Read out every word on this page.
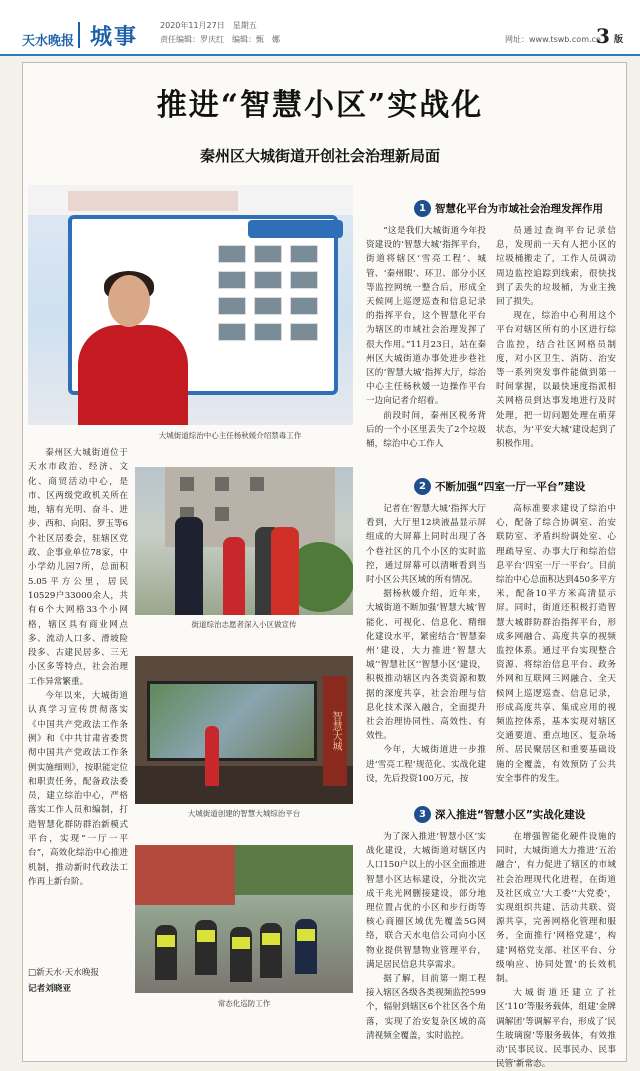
天水晚报 城事	2020年11月27日　星期五
责任编辑：罗庆红　编辑：甄　娜	网址：www.tswb.com.cn
3 版
推进“智慧小区”实战化
秦州区大城街道开创社会治理新局面
大城街道综治中心主任杨秋媛介绍禁毒工作
街道综治志愿者深入小区做宣传
智慧大城
大城街道创建的智慧大城综治平台
常态化巡防工作

秦州区大城街道位于天水市政治、经济、文化、商贸活动中心，是市、区两级党政机关所在地，辖有光明、奋斗、进步、西和、向阳、罗玉等6个社区居委会，驻辖区党政、企事业单位78家，中小学幼儿园7所，总面积5.05平方公里，居民10529户33000余人，共有6个大网格33个小网格，辖区具有商业网点多、流动人口多、滑坡险段多、古建民居多、三无小区多等特点，社会治理工作异常繁重。

今年以来，大城街道认真学习宣传贯彻落实《中国共产党政法工作条例》和《中共甘肃省委贯彻中国共产党政法工作条例实施细则》，按职能定位和职责任务，配备政法委员，建立综治中心，严格落实工作人员和编制，打造智慧化群防群治新模式平台，实现“一厅一平台”，高效化综治中心推进机制，推动新时代政法工作再上新台阶。

□新天水·天水晚报
记者刘晓亚
1 智慧化平台为市域社会治理发挥作用

“这是我们大城街道今年投资建设的‘智慧大城’指挥平台，街道将辖区‘雪亮工程’、城管、‘秦州眼’、环卫、部分小区等监控网统一整合后，形成全天候网上巡逻巡查和信息记录的指挥平台，这个智慧化平台为辖区的市域社会治理发挥了很大作用。”11月23日，站在秦州区大城街道办事处进步巷社区的‘智慧大城’指挥大厅，综治中心主任杨秋媛一边操作平台一边向记者介绍着。

前段时间，秦州区税务背后的一个小区里丢失了2个垃圾桶，综治中心工作人

员通过查询平台记录信息，发现前一天有人把小区的垃圾桶搬走了，工作人员调动周边监控追踪到线索，很快找到了丢失的垃圾桶，为业主挽回了损失。

现在，综治中心利用这个平台对辖区所有的小区进行综合监控，结合社区网格员制度，对小区卫生、消防、治安等一系列突发事件能做到第一时间掌握，以最快速度指派相关网格员到达事发地进行及时处理，把一切问题处理在萌芽状态，为‘平安大城’建设起到了积极作用。

2 不断加强“四室一厅一平台”建设

记者在‘智慧大城’指挥大厅看到，大厅里12块液晶显示屏组成的大屏幕上同时出现了各个巷社区的几个小区的实时监控，通过屏幕可以清晰看到当时小区公共区域的所有情况。

据杨秋媛介绍，近年来，大城街道不断加强‘智慧大城’智能化、可视化、信息化、精细化建设水平，紧密结合‘智慧秦州’建设，大力推进‘智慧大城’‘智慧社区’‘智慧小区’建设，积极推动辖区内各类资源和数据的深度共享，社会治理与信息化技术深入融合，全面提升社会治理协同性、高效性、有效性。

今年，大城街道进一步推进‘雪亮工程’规范化、实战化建设，先后投资100万元，按

高标准要求建设了综治中心，配备了综合协调室、治安联防室、矛盾纠纷调处室、心理疏导室、办事大厅和综治信息平台‘四室一厅一平台’。目前综治中心总面积达到450多平方米，配备10平方米高清显示屏。同时，街道还积极打造智慧大城群防群治指挥平台，形成多网融合、高度共享的视频监控体系。通过平台实现整合资源、将综治信息平台、政务外网和互联网三网融合、全天候网上巡逻巡查、信息记录，形成高度共享、集成应用的视频监控体系，基本实现对辖区交通要道、重点地区、复杂场所、居民聚居区和重要基础设施的全覆盖，有效预防了公共安全事件的发生。

3 深入推进“智慧小区”实战化建设

为了深入推进‘智慧小区’实战化建设，大城街道对辖区内人口150户以上的小区全面推进智慧小区达标建设，分批次完成干兆光网删接建设，部分地理位置占优的小区和步行街等核心商圈区域优先覆盖5G网络，联合天水电信公司向小区物业提供智慧物业管理平台，满足居民信息共享需求。

据了解，目前第一期工程接入辖区各级各类视频监控599个，辐射到辖区6个社区各个角落，实现了治安复杂区域的高清视频全覆盖，实时监控。

在增强智能化硬件设施的同时，大城街道大力推进‘五治融合’，有力促进了辖区的市域社会治理现代化进程，在街道及社区成立‘大工委’‘大党委’，实现组织共建、活动共联、资源共享，完善网格化管理和服务，全面推行‘网格党建’，构建‘网格党支部、社区平台、分级响应、协同处置’的长效机制。

大城街道还建立了社区‘110’等服务载体，组建‘金牌调解团’等调解平台，形成了‘民生玻璃窗’等服务载体，有效推动‘民事民议、民事民办、民事民管’新常态。
